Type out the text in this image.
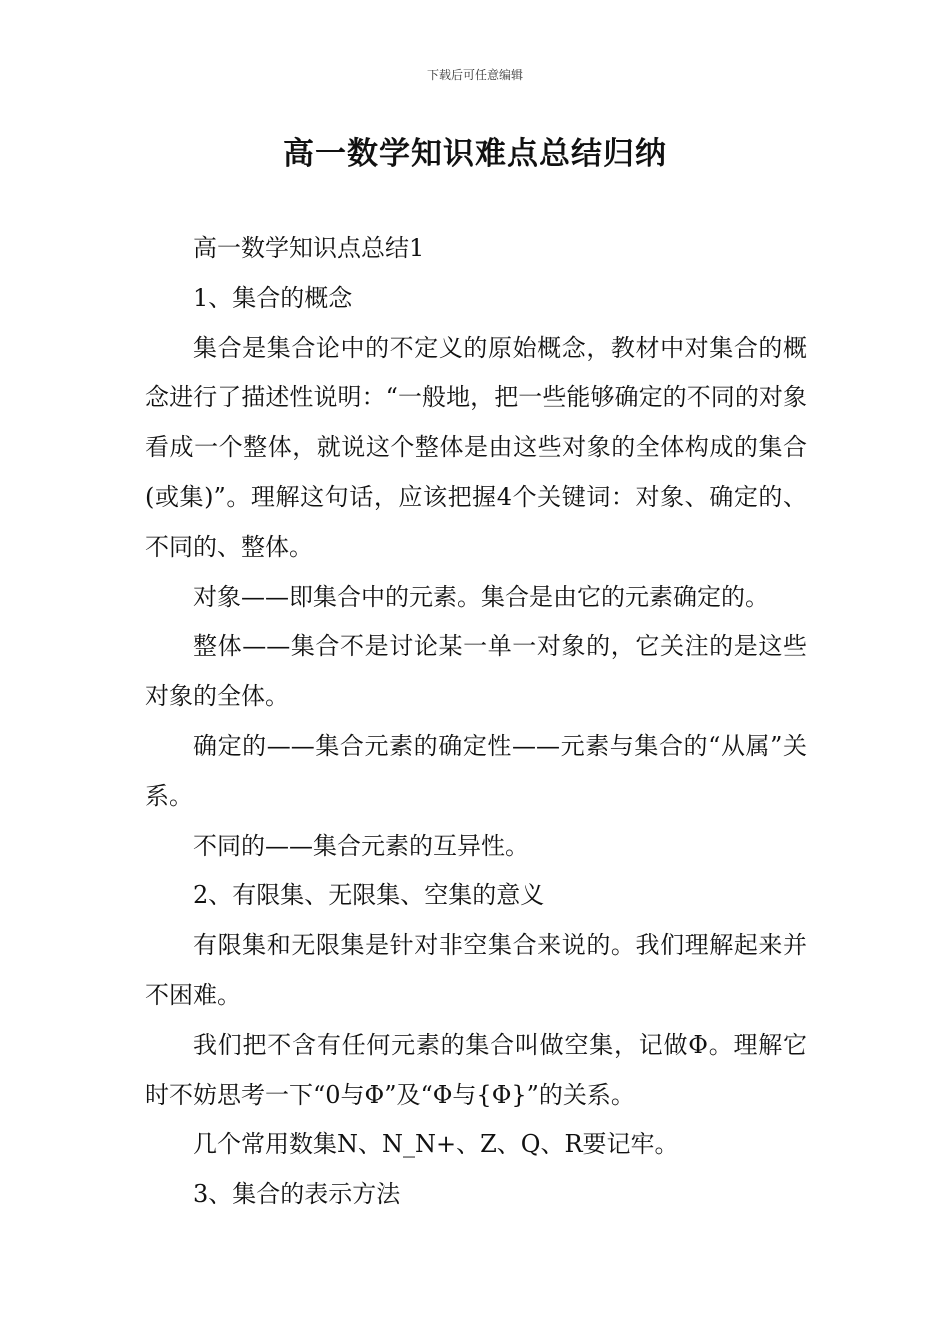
下载后可任意编辑
高一数学知识难点总结归纳

高一数学知识点总结1

1、集合的概念

集合是集合论中的不定义的原始概念，教材中对集合的概念进行了描述性说明：“一般地，把一些能够确定的不同的对象看成一个整体，就说这个整体是由这些对象的全体构成的集合(或集)”。理解这句话，应该把握4个关键词：对象、确定的、不同的、整体。

对象——即集合中的元素。集合是由它的元素确定的。

整体——集合不是讨论某一单一对象的，它关注的是这些对象的全体。

确定的——集合元素的确定性——元素与集合的“从属”关系。

不同的——集合元素的互异性。

2、有限集、无限集、空集的意义

有限集和无限集是针对非空集合来说的。我们理解起来并不困难。

我们把不含有任何元素的集合叫做空集，记做Φ。理解它时不妨思考一下“0与Φ”及“Φ与{Φ}”的关系。

几个常用数集N、N_N+、Z、Q、R要记牢。

3、集合的表示方法
